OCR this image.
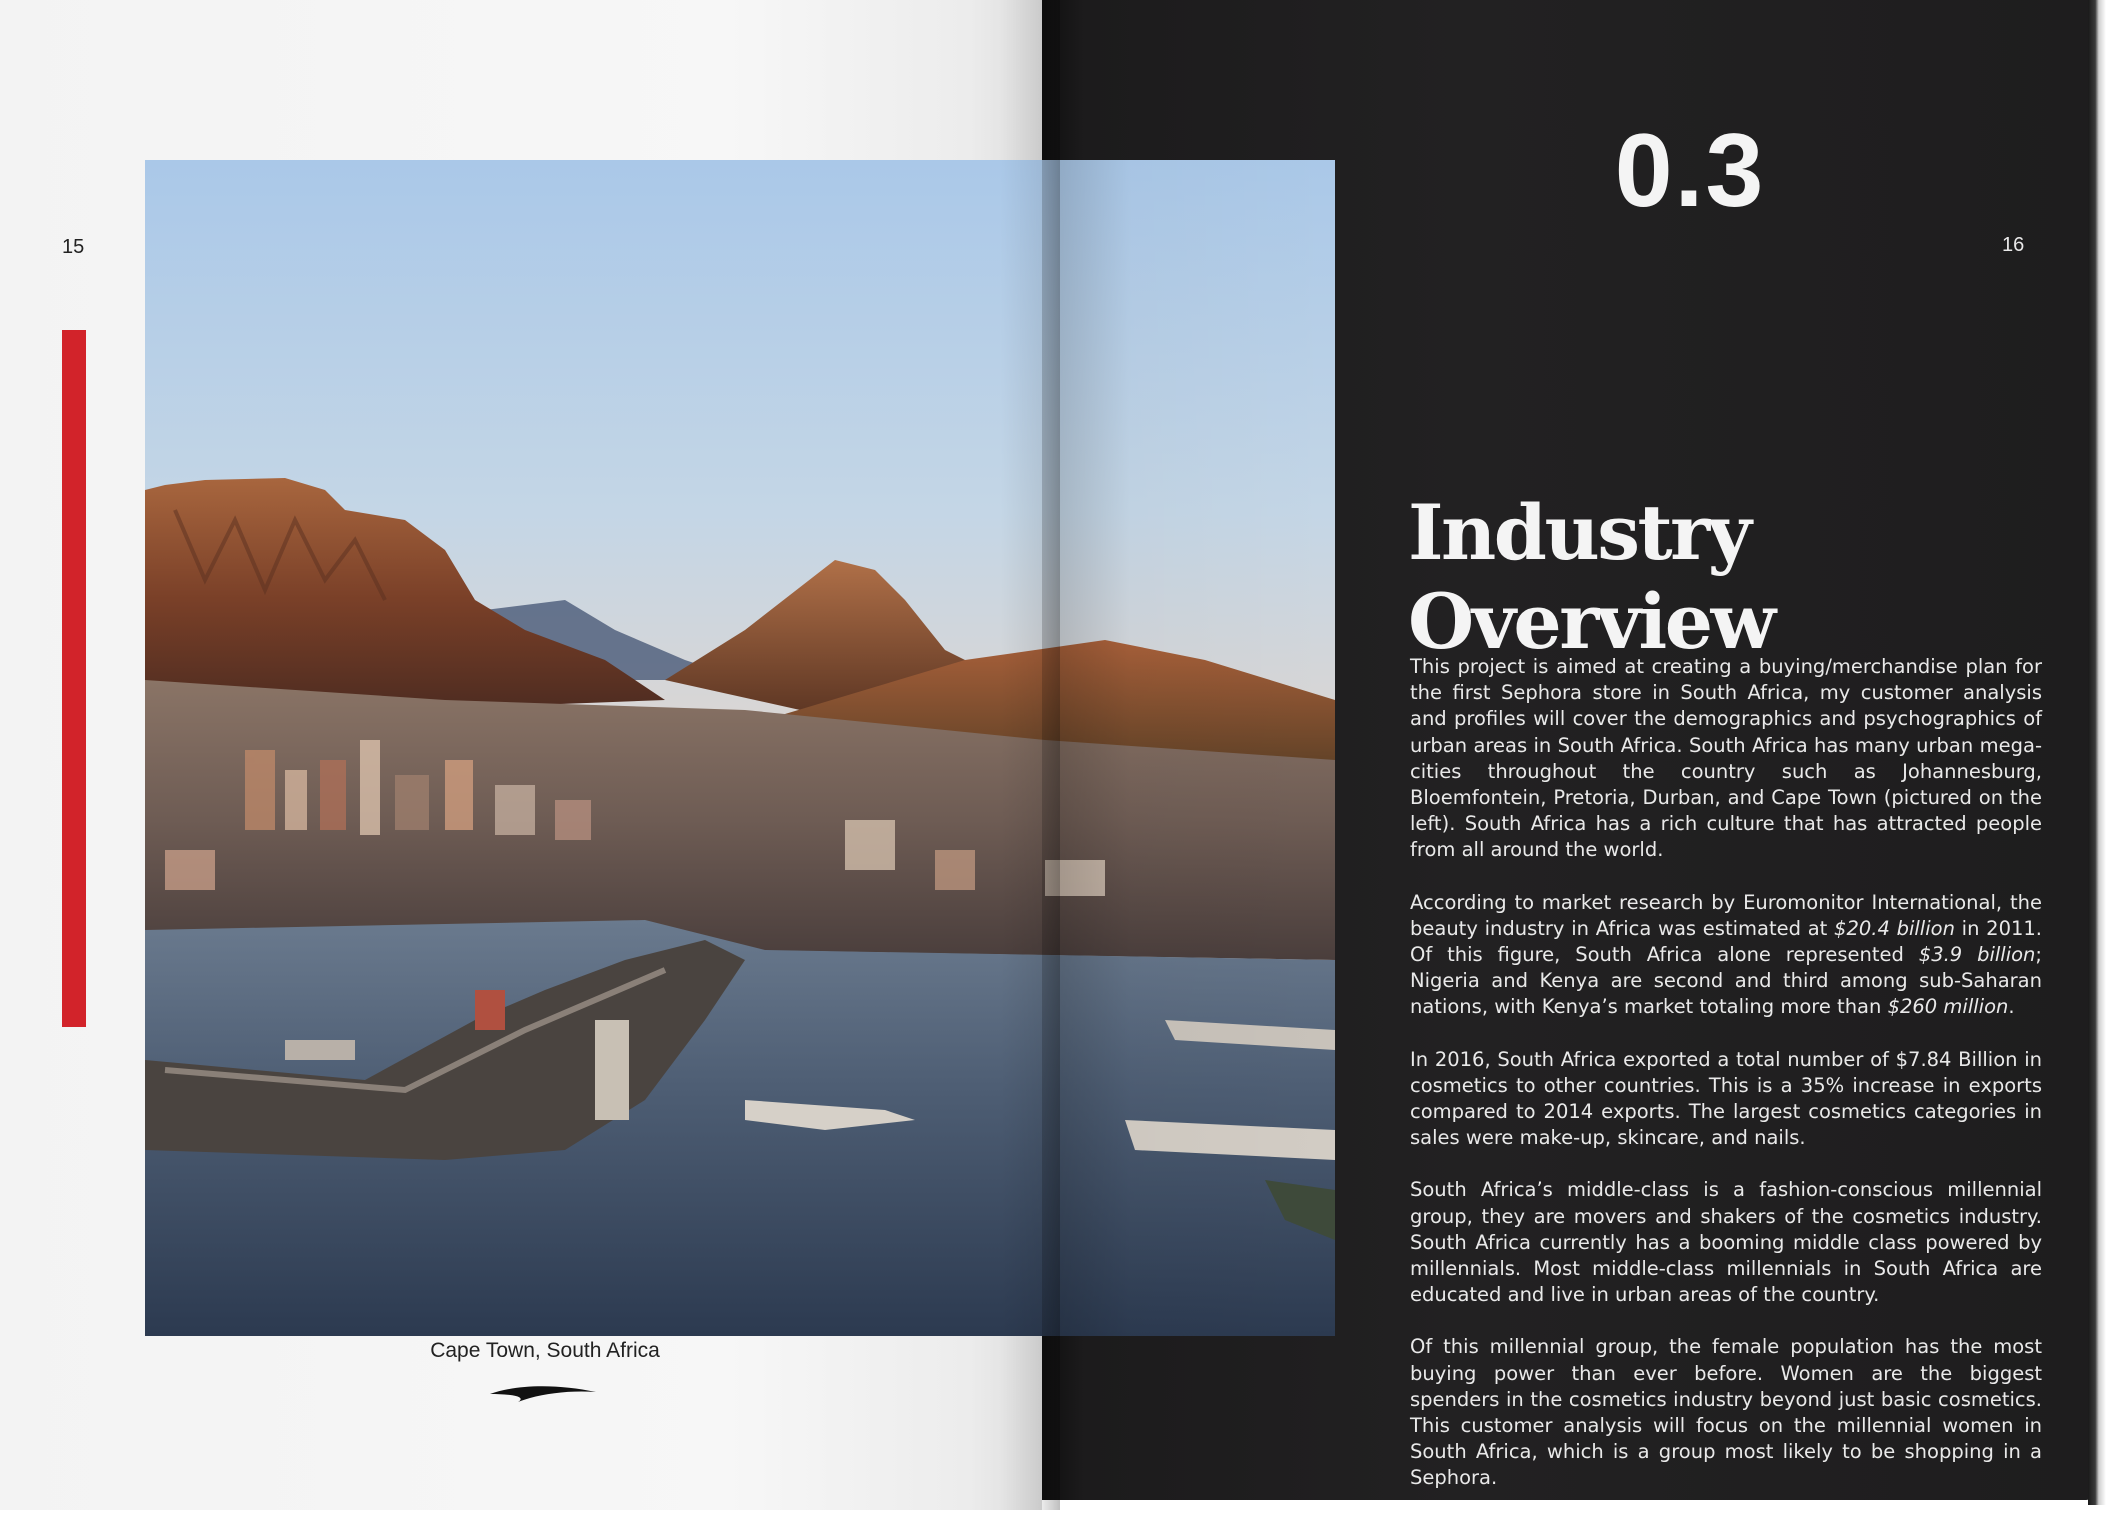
15
Cape Town, South Africa
16
0.3
Industry Overview

This project is aimed at creating a buying/merchandise plan for the first Sephora store in South Africa, my customer analysis and profiles will cover the demographics and psychographics of urban areas in South Africa. South Africa has many urban mega-cities throughout the country such as Johannesburg, Bloemfontein, Pretoria, Durban, and Cape Town (pictured on the left). South Africa has a rich culture that has attracted people from all around the world.

According to market research by Euromonitor International, the beauty industry in Africa was estimated at $20.4 billion in 2011. Of this figure, South Africa alone represented $3.9 billion; Nigeria and Kenya are second and third among sub-Saharan nations, with Kenya’s market totaling more than $260 million.

In 2016, South Africa exported a total number of $7.84 Billion in cosmetics to other countries. This is a 35% increase in exports compared to 2014 exports. The largest cosmetics categories in sales were make-up, skincare, and nails.

South Africa’s middle-class is a fashion-conscious millennial group, they are movers and shakers of the cosmetics industry. South Africa currently has a booming middle class powered by millennials. Most middle-class millennials in South Africa are educated and live in urban areas of the country.

Of this millennial group, the female population has the most buying power than ever before. Women are the biggest spenders in the cosmetics industry beyond just basic cosmetics. This customer analysis will focus on the millennial women in South Africa, which is a group most likely to be shopping in a Sephora.
